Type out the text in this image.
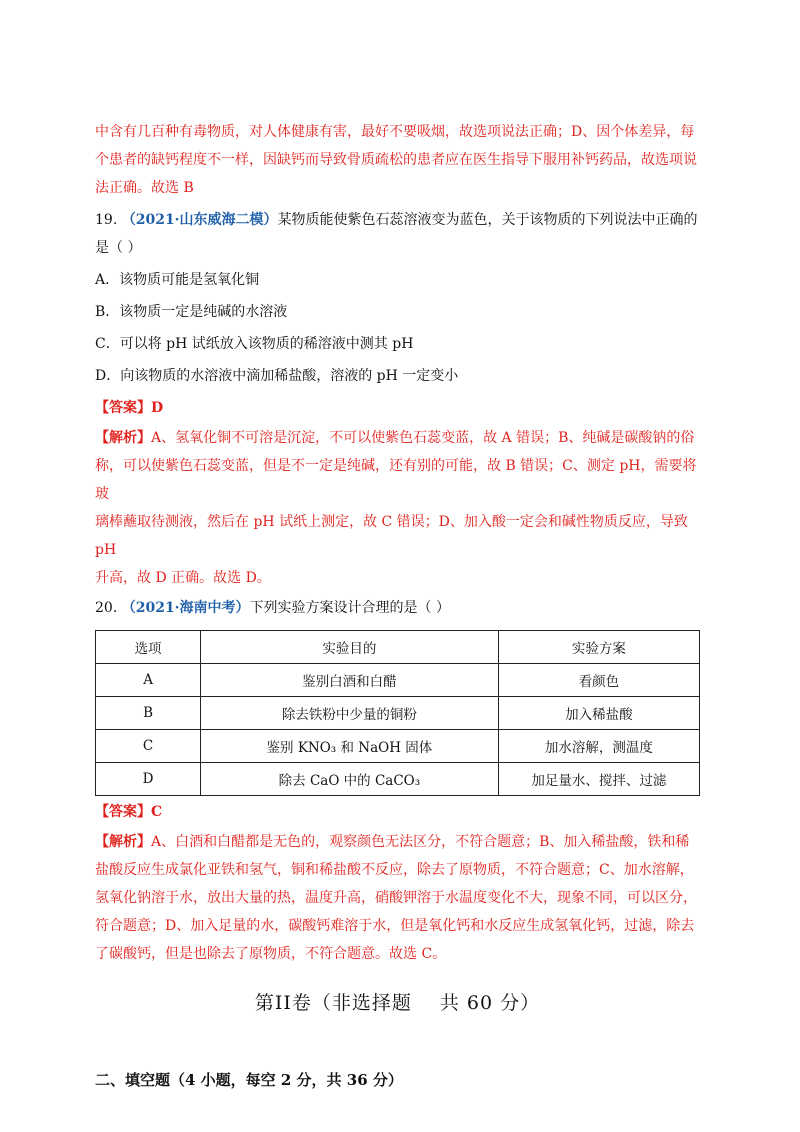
中含有几百种有毒物质，对人体健康有害，最好不要吸烟，故选项说法正确；D、因个体差异，每

个患者的缺钙程度不一样，因缺钙而导致骨质疏松的患者应在医生指导下服用补钙药品，故选项说

法正确。故选 B

19. （2021·山东威海二模）某物质能使紫色石蕊溶液变为蓝色，关于该物质的下列说法中正确的

是（ ）

A．该物质可能是氢氧化铜

B．该物质一定是纯碱的水溶液

C．可以将 pH 试纸放入该物质的稀溶液中测其 pH

D．向该物质的水溶液中滴加稀盐酸，溶液的 pH 一定变小

【答案】D

【解析】A、氢氧化铜不可溶是沉淀，不可以使紫色石蕊变蓝，故 A 错误；B、纯碱是碳酸钠的俗

称，可以使紫色石蕊变蓝，但是不一定是纯碱，还有别的可能，故 B 错误；C、测定 pH，需要将玻

璃棒蘸取待测液，然后在 pH 试纸上测定，故 C 错误；D、加入酸一定会和碱性物质反应，导致 pH

升高，故 D 正确。故选 D。

20. （2021·海南中考）下列实验方案设计合理的是（ ）

选项	实验目的	实验方案
A	鉴别白酒和白醋	看颜色
B	除去铁粉中少量的铜粉	加入稀盐酸
C	鉴别 KNO₃ 和 NaOH 固体	加水溶解，测温度
D	除去 CaO 中的 CaCO₃	加足量水、搅拌、过滤

【答案】C

【解析】A、白酒和白醋都是无色的，观察颜色无法区分，不符合题意；B、加入稀盐酸，铁和稀

盐酸反应生成氯化亚铁和氢气，铜和稀盐酸不反应，除去了原物质，不符合题意；C、加水溶解，

氢氧化钠溶于水，放出大量的热，温度升高，硝酸钾溶于水温度变化不大，现象不同，可以区分，

符合题意；D、加入足量的水，碳酸钙难溶于水，但是氧化钙和水反应生成氢氧化钙，过滤，除去

了碳酸钙，但是也除去了原物质，不符合题意。故选 C。

第II卷（非选择题 共 60 分）

二、填空题（4 小题，每空 2 分，共 36 分）
